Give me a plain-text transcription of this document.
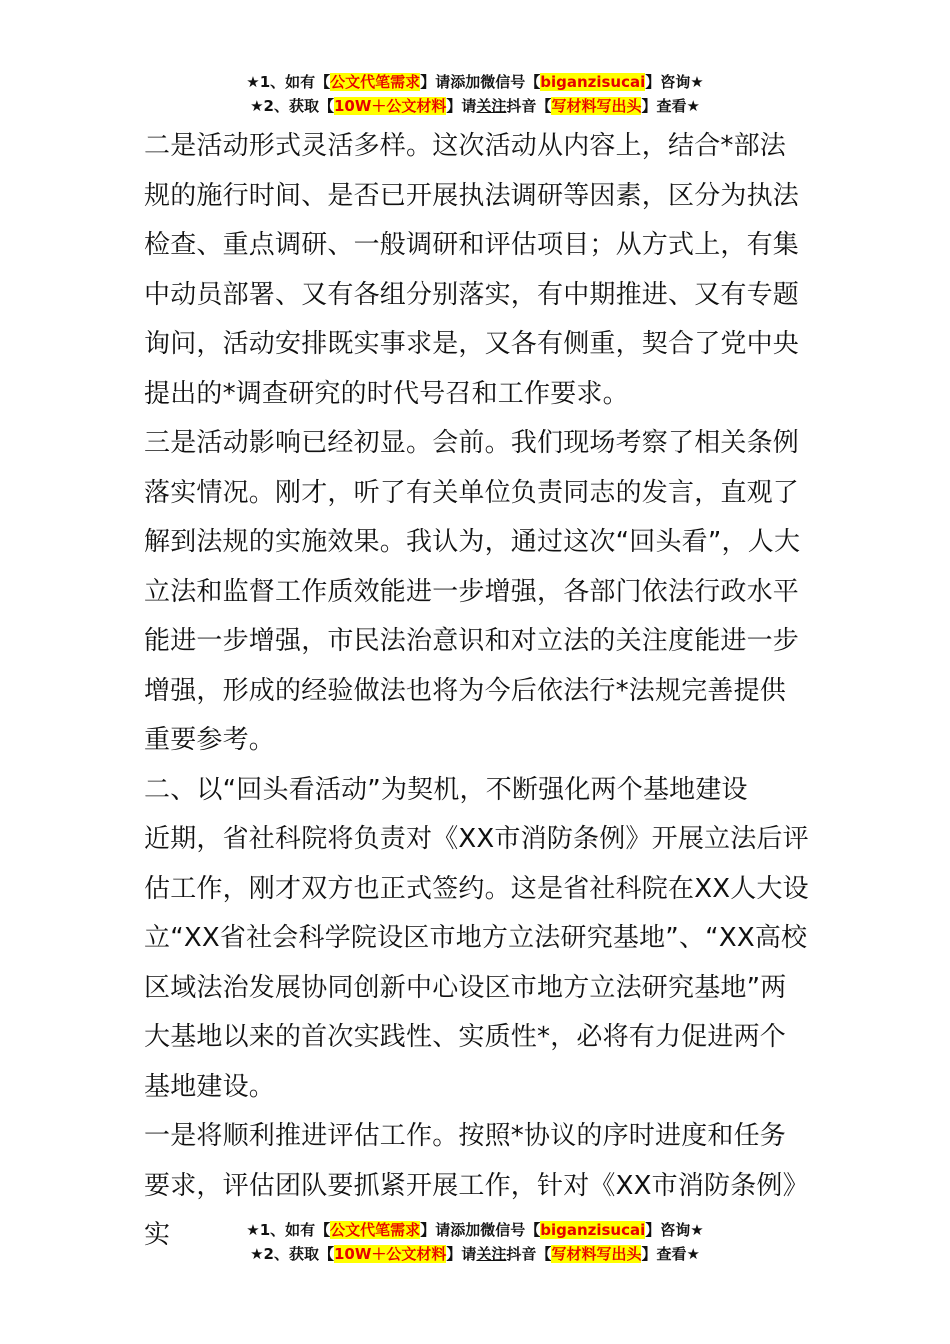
★1、如有【公文代笔需求】请添加微信号【biganzisucai】咨询★
★2、获取【10W＋公文材料】请关注抖音【写材料写出头】查看★

二是活动形式灵活多样。这次活动从内容上，结合*部法规的施行时间、是否已开展执法调研等因素，区分为执法检查、重点调研、一般调研和评估项目；从方式上，有集中动员部署、又有各组分别落实，有中期推进、又有专题询问，活动安排既实事求是，又各有侧重，契合了党中央提出的*调查研究的时代号召和工作要求。

三是活动影响已经初显。会前。我们现场考察了相关条例落实情况。刚才，听了有关单位负责同志的发言，直观了解到法规的实施效果。我认为，通过这次“回头看”，人大立法和监督工作质效能进一步增强，各部门依法行政水平能进一步增强，市民法治意识和对立法的关注度能进一步增强，形成的经验做法也将为今后依法行*法规完善提供重要参考。

二、以“回头看活动”为契机，不断强化两个基地建设

近期，省社科院将负责对《XX市消防条例》开展立法后评估工作，刚才双方也正式签约。这是省社科院在XX人大设立“XX省社会科学院设区市地方立法研究基地”、“XX高校区域法治发展协同创新中心设区市地方立法研究基地”两大基地以来的首次实践性、实质性*，必将有力促进两个基地建设。

一是将顺利推进评估工作。按照*协议的序时进度和任务要求，评估团队要抓紧开展工作，针对《XX市消防条例》实	★1、如有【公文代笔需求】请添加微信号【biganzisucai】咨询★
★2、获取【10W＋公文材料】请关注抖音【写材料写出头】查看★
